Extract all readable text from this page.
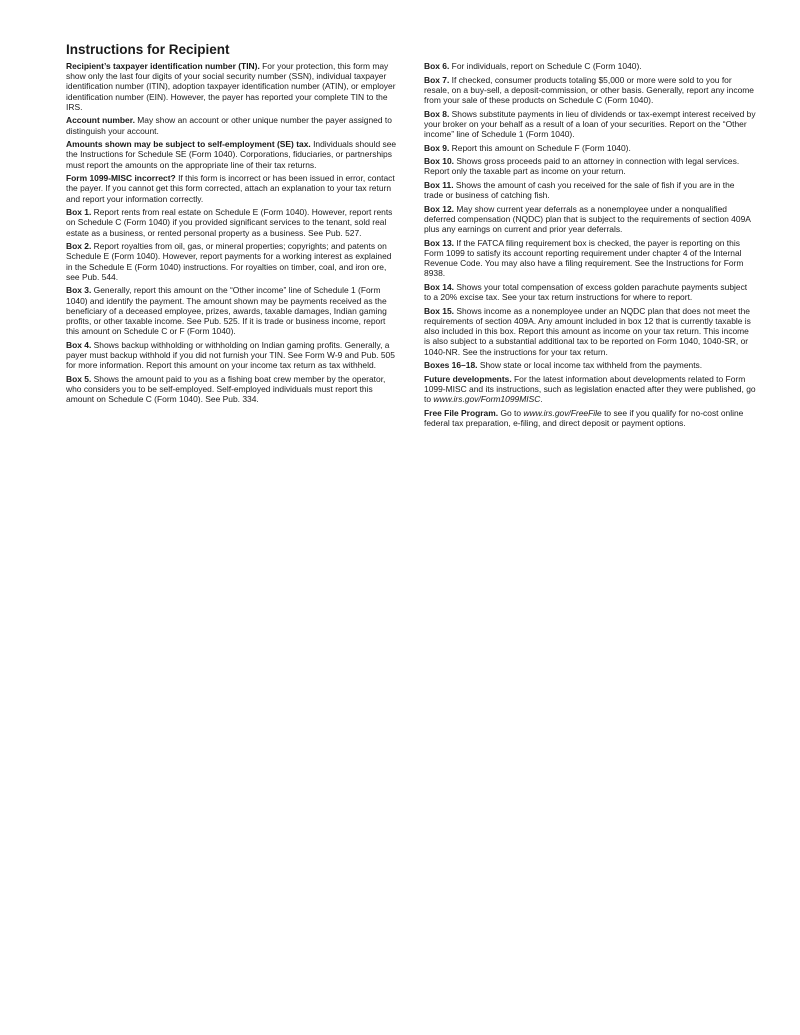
Instructions for Recipient

Recipient’s taxpayer identification number (TIN). For your protection, this form may show only the last four digits of your social security number (SSN), individual taxpayer identification number (ITIN), adoption taxpayer identification number (ATIN), or employer identification number (EIN). However, the payer has reported your complete TIN to the IRS.

Account number. May show an account or other unique number the payer assigned to distinguish your account.

Amounts shown may be subject to self-employment (SE) tax. Individuals should see the Instructions for Schedule SE (Form 1040). Corporations, fiduciaries, or partnerships must report the amounts on the appropriate line of their tax returns.

Form 1099-MISC incorrect? If this form is incorrect or has been issued in error, contact the payer. If you cannot get this form corrected, attach an explanation to your tax return and report your information correctly.

Box 1. Report rents from real estate on Schedule E (Form 1040). However, report rents on Schedule C (Form 1040) if you provided significant services to the tenant, sold real estate as a business, or rented personal property as a business. See Pub. 527.

Box 2. Report royalties from oil, gas, or mineral properties; copyrights; and patents on Schedule E (Form 1040). However, report payments for a working interest as explained in the Schedule E (Form 1040) instructions. For royalties on timber, coal, and iron ore, see Pub. 544.

Box 3. Generally, report this amount on the “Other income” line of Schedule 1 (Form 1040) and identify the payment. The amount shown may be payments received as the beneficiary of a deceased employee, prizes, awards, taxable damages, Indian gaming profits, or other taxable income. See Pub. 525. If it is trade or business income, report this amount on Schedule C or F (Form 1040).

Box 4. Shows backup withholding or withholding on Indian gaming profits. Generally, a payer must backup withhold if you did not furnish your TIN. See Form W-9 and Pub. 505 for more information. Report this amount on your income tax return as tax withheld.

Box 5. Shows the amount paid to you as a fishing boat crew member by the operator, who considers you to be self-employed. Self-employed individuals must report this amount on Schedule C (Form 1040). See Pub. 334.

Box 6. For individuals, report on Schedule C (Form 1040).

Box 7. If checked, consumer products totaling $5,000 or more were sold to you for resale, on a buy-sell, a deposit-commission, or other basis. Generally, report any income from your sale of these products on Schedule C (Form 1040).

Box 8. Shows substitute payments in lieu of dividends or tax-exempt interest received by your broker on your behalf as a result of a loan of your securities. Report on the “Other income” line of Schedule 1 (Form 1040).

Box 9. Report this amount on Schedule F (Form 1040).

Box 10. Shows gross proceeds paid to an attorney in connection with legal services. Report only the taxable part as income on your return.

Box 11. Shows the amount of cash you received for the sale of fish if you are in the trade or business of catching fish.

Box 12. May show current year deferrals as a nonemployee under a nonqualified deferred compensation (NQDC) plan that is subject to the requirements of section 409A plus any earnings on current and prior year deferrals.

Box 13. If the FATCA filing requirement box is checked, the payer is reporting on this Form 1099 to satisfy its account reporting requirement under chapter 4 of the Internal Revenue Code. You may also have a filing requirement. See the Instructions for Form 8938.

Box 14. Shows your total compensation of excess golden parachute payments subject to a 20% excise tax. See your tax return instructions for where to report.

Box 15. Shows income as a nonemployee under an NQDC plan that does not meet the requirements of section 409A. Any amount included in box 12 that is currently taxable is also included in this box. Report this amount as income on your tax return. This income is also subject to a substantial additional tax to be reported on Form 1040, 1040-SR, or 1040-NR. See the instructions for your tax return.

Boxes 16–18. Show state or local income tax withheld from the payments.

Future developments. For the latest information about developments related to Form 1099-MISC and its instructions, such as legislation enacted after they were published, go to www.irs.gov/Form1099MISC.

Free File Program. Go to www.irs.gov/FreeFile to see if you qualify for no-cost online federal tax preparation, e-filing, and direct deposit or payment options.
